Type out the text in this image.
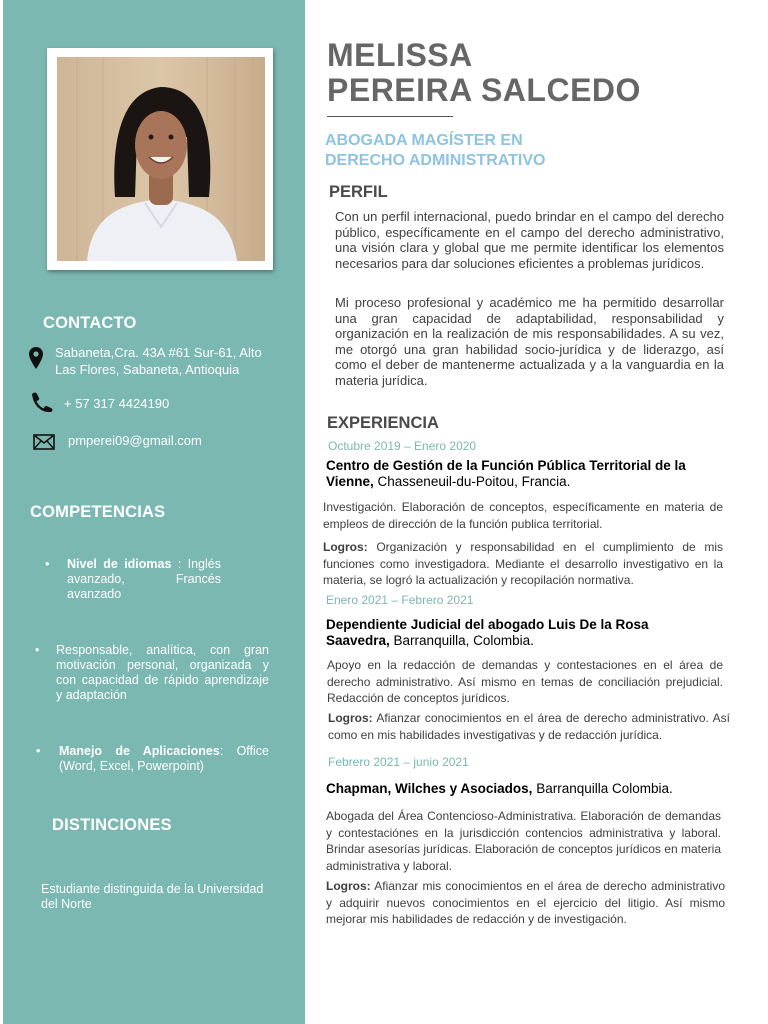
CONTACTO
Sabaneta,Cra. 43A #61 Sur-61, Alto
Las Flores, Sabaneta, Antioquia
+ 57 317 4424190
pmperei09@gmail.com
COMPETENCIAS
• Nivel de idiomas : Inglés avanzado, Francés avanzado
• Responsable, analítica, con gran motivación personal, organizada y con capacidad de rápido aprendizaje y adaptación
• Manejo de Aplicaciones: Office (Word, Excel, Powerpoint)
DISTINCIONES
Estudiante distinguida de la Universidad del Norte
MELISSA
PEREIRA SALCEDO
ABOGADA MAGÍSTER EN
DERECHO ADMINISTRATIVO
PERFIL
Con un perfil internacional, puedo brindar en el campo del derecho público, específicamente en el campo del derecho administrativo, una visión clara y global que me permite identificar los elementos necesarios para dar soluciones eficientes a problemas jurídicos.
Mi proceso profesional y académico me ha permitido desarrollar una gran capacidad de adaptabilidad, responsabilidad y organización en la realización de mis responsabilidades. A su vez, me otorgó una gran habilidad socio-jurídica y de liderazgo, así como el deber de mantenerme actualizada y a la vanguardia en la materia jurídica.
EXPERIENCIA
Octubre 2019 – Enero 2020
Centro de Gestión de la Función Pública Territorial de la Vienne, Chasseneuil-du-Poitou, Francia.
Investigación. Elaboración de conceptos, específicamente en materia de empleos de dirección de la función publica territorial.
Logros: Organización y responsabilidad en el cumplimiento de mis funciones como investigadora. Mediante el desarrollo investigativo en la materia, se logró la actualización y recopilación normativa.
Enero 2021 – Febrero 2021
Dependiente Judicial del abogado Luis De la Rosa Saavedra, Barranquilla, Colombia.
Apoyo en la redacción de demandas y contestaciones en el área de derecho administrativo. Así mismo en temas de conciliación prejudicial. Redacción de conceptos jurídicos.
Logros: Afianzar conocimientos en el área de derecho administrativo. Así como en mis habilidades investigativas y de redacción jurídica.
Febrero 2021 – junio 2021
Chapman, Wilches y Asociados, Barranquilla Colombia.
Abogada del Área Contencioso-Administrativa. Elaboración de demandas y contestaciónes en la jurisdicción contencios administrativa y laboral. Brindar asesorías jurídicas. Elaboración de conceptos jurídicos en materia administrativa y laboral.
Logros: Afianzar mis conocimientos en el área de derecho administrativo y adquirir nuevos conocimientos en el ejercicio del litigio. Así mismo mejorar mis habilidades de redacción y de investigación.
